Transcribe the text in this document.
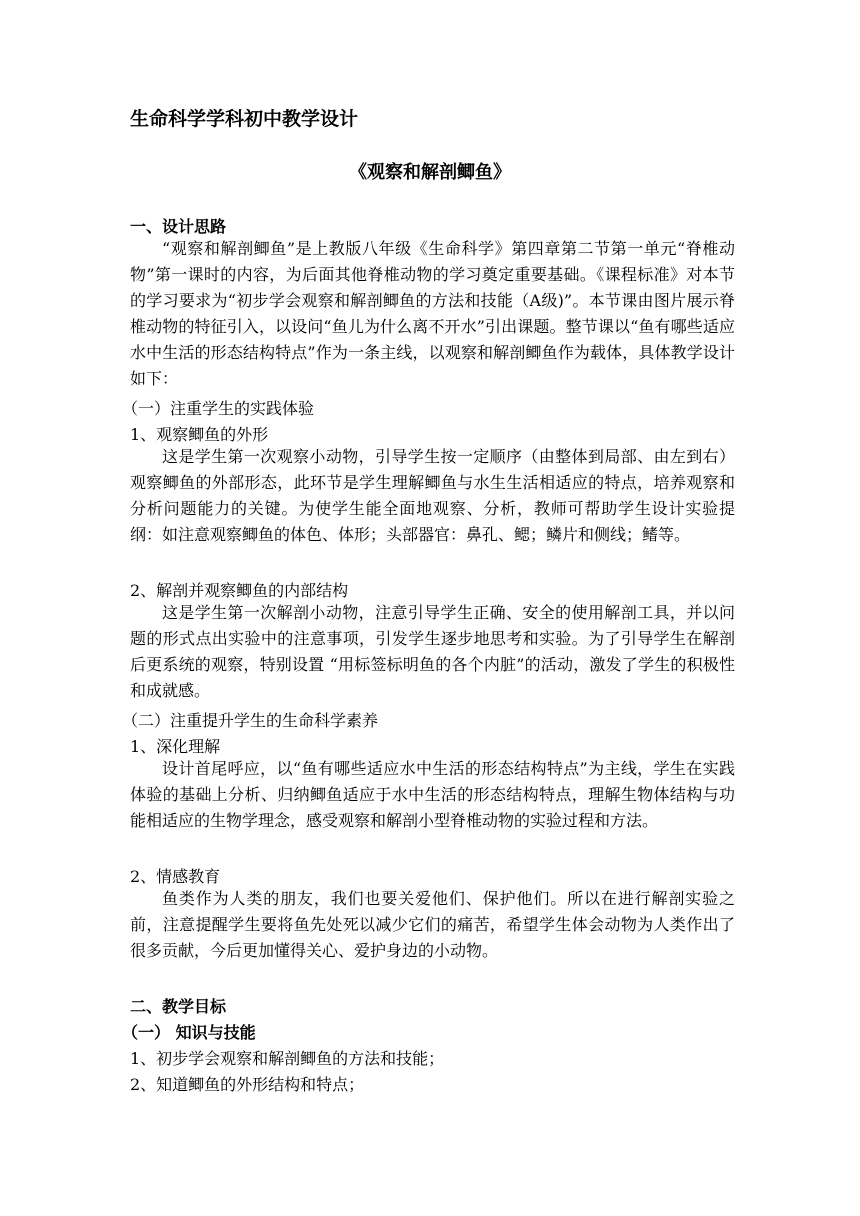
生命科学学科初中教学设计
《观察和解剖鲫鱼》
一、设计思路
“观察和解剖鲫鱼”是上教版八年级《生命科学》第四章第二节第一单元“脊椎动物”第一课时的内容，为后面其他脊椎动物的学习奠定重要基础。《课程标准》对本节的学习要求为“初步学会观察和解剖鲫鱼的方法和技能（A级)”。本节课由图片展示脊椎动物的特征引入，以设问“鱼儿为什么离不开水”引出课题。整节课以“鱼有哪些适应水中生活的形态结构特点”作为一条主线，以观察和解剖鲫鱼作为载体，具体教学设计如下：
（一）注重学生的实践体验
1、观察鲫鱼的外形
这是学生第一次观察小动物，引导学生按一定顺序（由整体到局部、由左到右）观察鲫鱼的外部形态，此环节是学生理解鲫鱼与水生生活相适应的特点，培养观察和分析问题能力的关键。为使学生能全面地观察、分析，教师可帮助学生设计实验提纲：如注意观察鲫鱼的体色、体形；头部器官：鼻孔、鳃；鳞片和侧线；鳍等。
2、解剖并观察鲫鱼的内部结构
这是学生第一次解剖小动物，注意引导学生正确、安全的使用解剖工具，并以问题的形式点出实验中的注意事项，引发学生逐步地思考和实验。为了引导学生在解剖后更系统的观察，特别设置 “用标签标明鱼的各个内脏”的活动，激发了学生的积极性和成就感。
（二）注重提升学生的生命科学素养
1、深化理解
设计首尾呼应，以“鱼有哪些适应水中生活的形态结构特点”为主线，学生在实践体验的基础上分析、归纳鲫鱼适应于水中生活的形态结构特点，理解生物体结构与功能相适应的生物学理念，感受观察和解剖小型脊椎动物的实验过程和方法。
2、情感教育
鱼类作为人类的朋友，我们也要关爱他们、保护他们。所以在进行解剖实验之前，注意提醒学生要将鱼先处死以减少它们的痛苦，希望学生体会动物为人类作出了很多贡献，今后更加懂得关心、爱护身边的小动物。
二、教学目标
（一） 知识与技能
1、初步学会观察和解剖鲫鱼的方法和技能；
2、知道鲫鱼的外形结构和特点；
